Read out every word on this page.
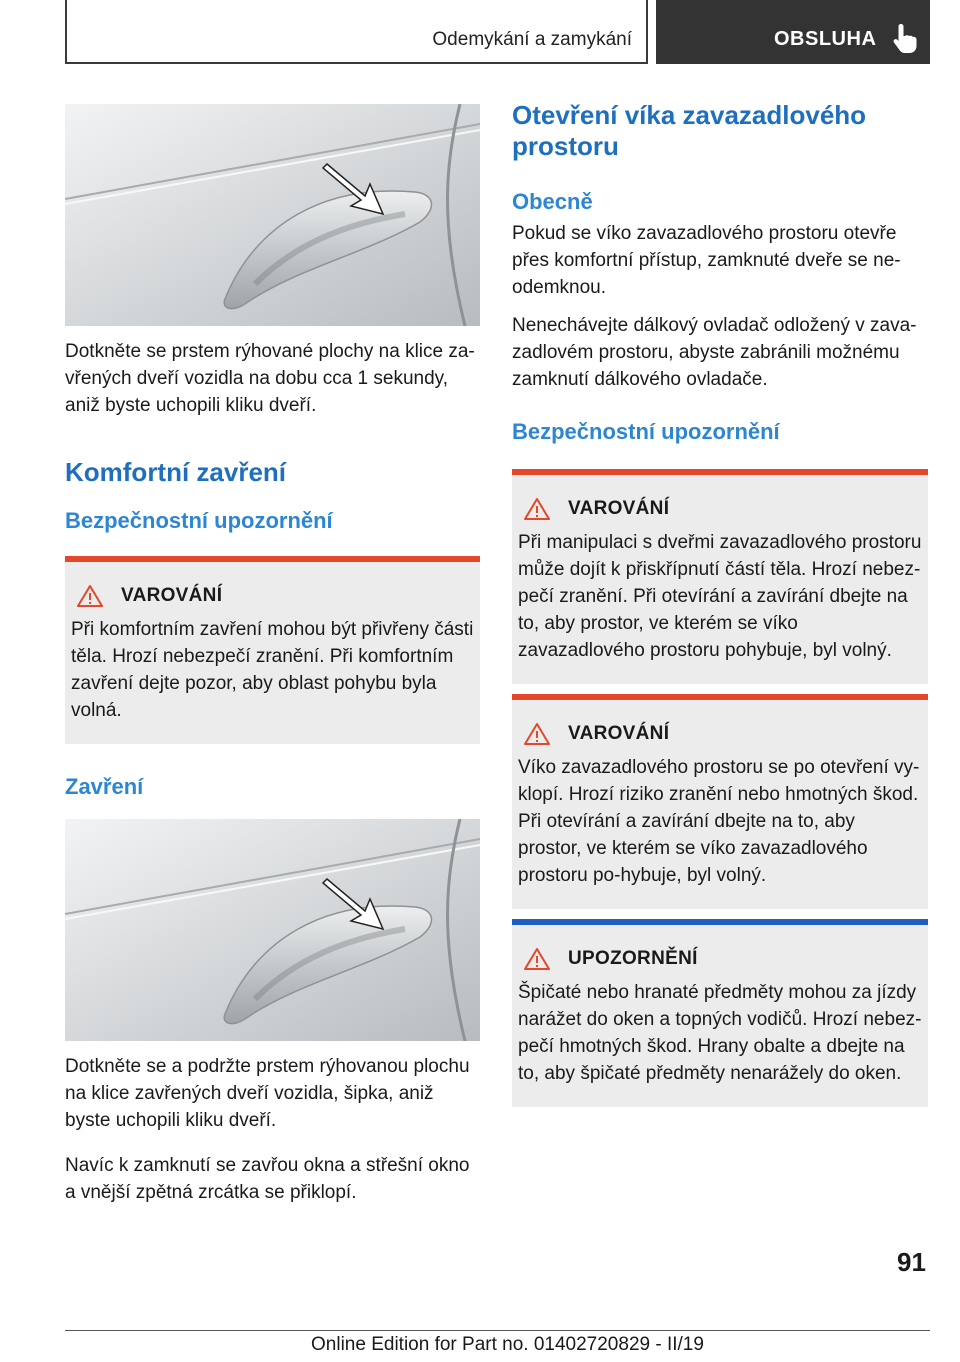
Odemykání a zamykání	OBSLUHA

Dotkněte se prstem rýhované plochy na klice za-vřených dveří vozidla na dobu cca 1 sekundy, aniž byste uchopili kliku dveří.

Komfortní zavření
Bezpečnostní upozornění
VAROVÁNÍ

Při komfortním zavření mohou být přivřeny části těla. Hrozí nebezpečí zranění. Při komfortním zavření dejte pozor, aby oblast pohybu byla volná.

Zavření

Dotkněte se a podržte prstem rýhovanou plochu na klice zavřených dveří vozidla, šipka, aniž byste uchopili kliku dveří.

Navíc k zamknutí se zavřou okna a střešní okno a vnější zpětná zrcátka se přiklopí.

Otevření víka zavazadlového prostoru
Obecně

Pokud se víko zavazadlového prostoru otevře přes komfortní přístup, zamknuté dveře se ne-odemknou.

Nenechávejte dálkový ovladač odložený v zava-zadlovém prostoru, abyste zabránili možnému zamknutí dálkového ovladače.

Bezpečnostní upozornění
VAROVÁNÍ

Při manipulaci s dveřmi zavazadlového prostoru může dojít k přiskřípnutí částí těla. Hrozí nebez-pečí zranění. Při otevírání a zavírání dbejte na to, aby prostor, ve kterém se víko zavazadlového prostoru pohybuje, byl volný.

VAROVÁNÍ

Víko zavazadlového prostoru se po otevření vy-klopí. Hrozí riziko zranění nebo hmotných škod. Při otevírání a zavírání dbejte na to, aby prostor, ve kterém se víko zavazadlového prostoru po-hybuje, byl volný.

UPOZORNĚNÍ

Špičaté nebo hranaté předměty mohou za jízdy narážet do oken a topných vodičů. Hrozí nebez-pečí hmotných škod. Hrany obalte a dbejte na to, aby špičaté předměty nenarážely do oken.

91
Online Edition for Part no. 01402720829 - II/19
